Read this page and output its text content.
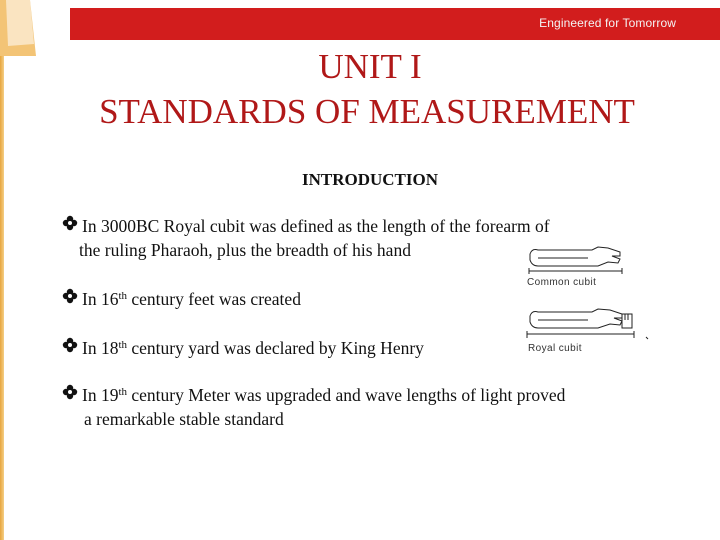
Engineered for Tomorrow
UNIT I
STANDARDS OF MEASUREMENT
INTRODUCTION
In 3000BC Royal cubit was defined as the length of the forearm of
the ruling Pharaoh, plus the breadth of his hand
In 16th century feet was created
In 18th century yard was declared by King Henry
In 19th century Meter was upgraded and wave lengths of light proved
a remarkable stable standard
Common cubit
Royal cubit
